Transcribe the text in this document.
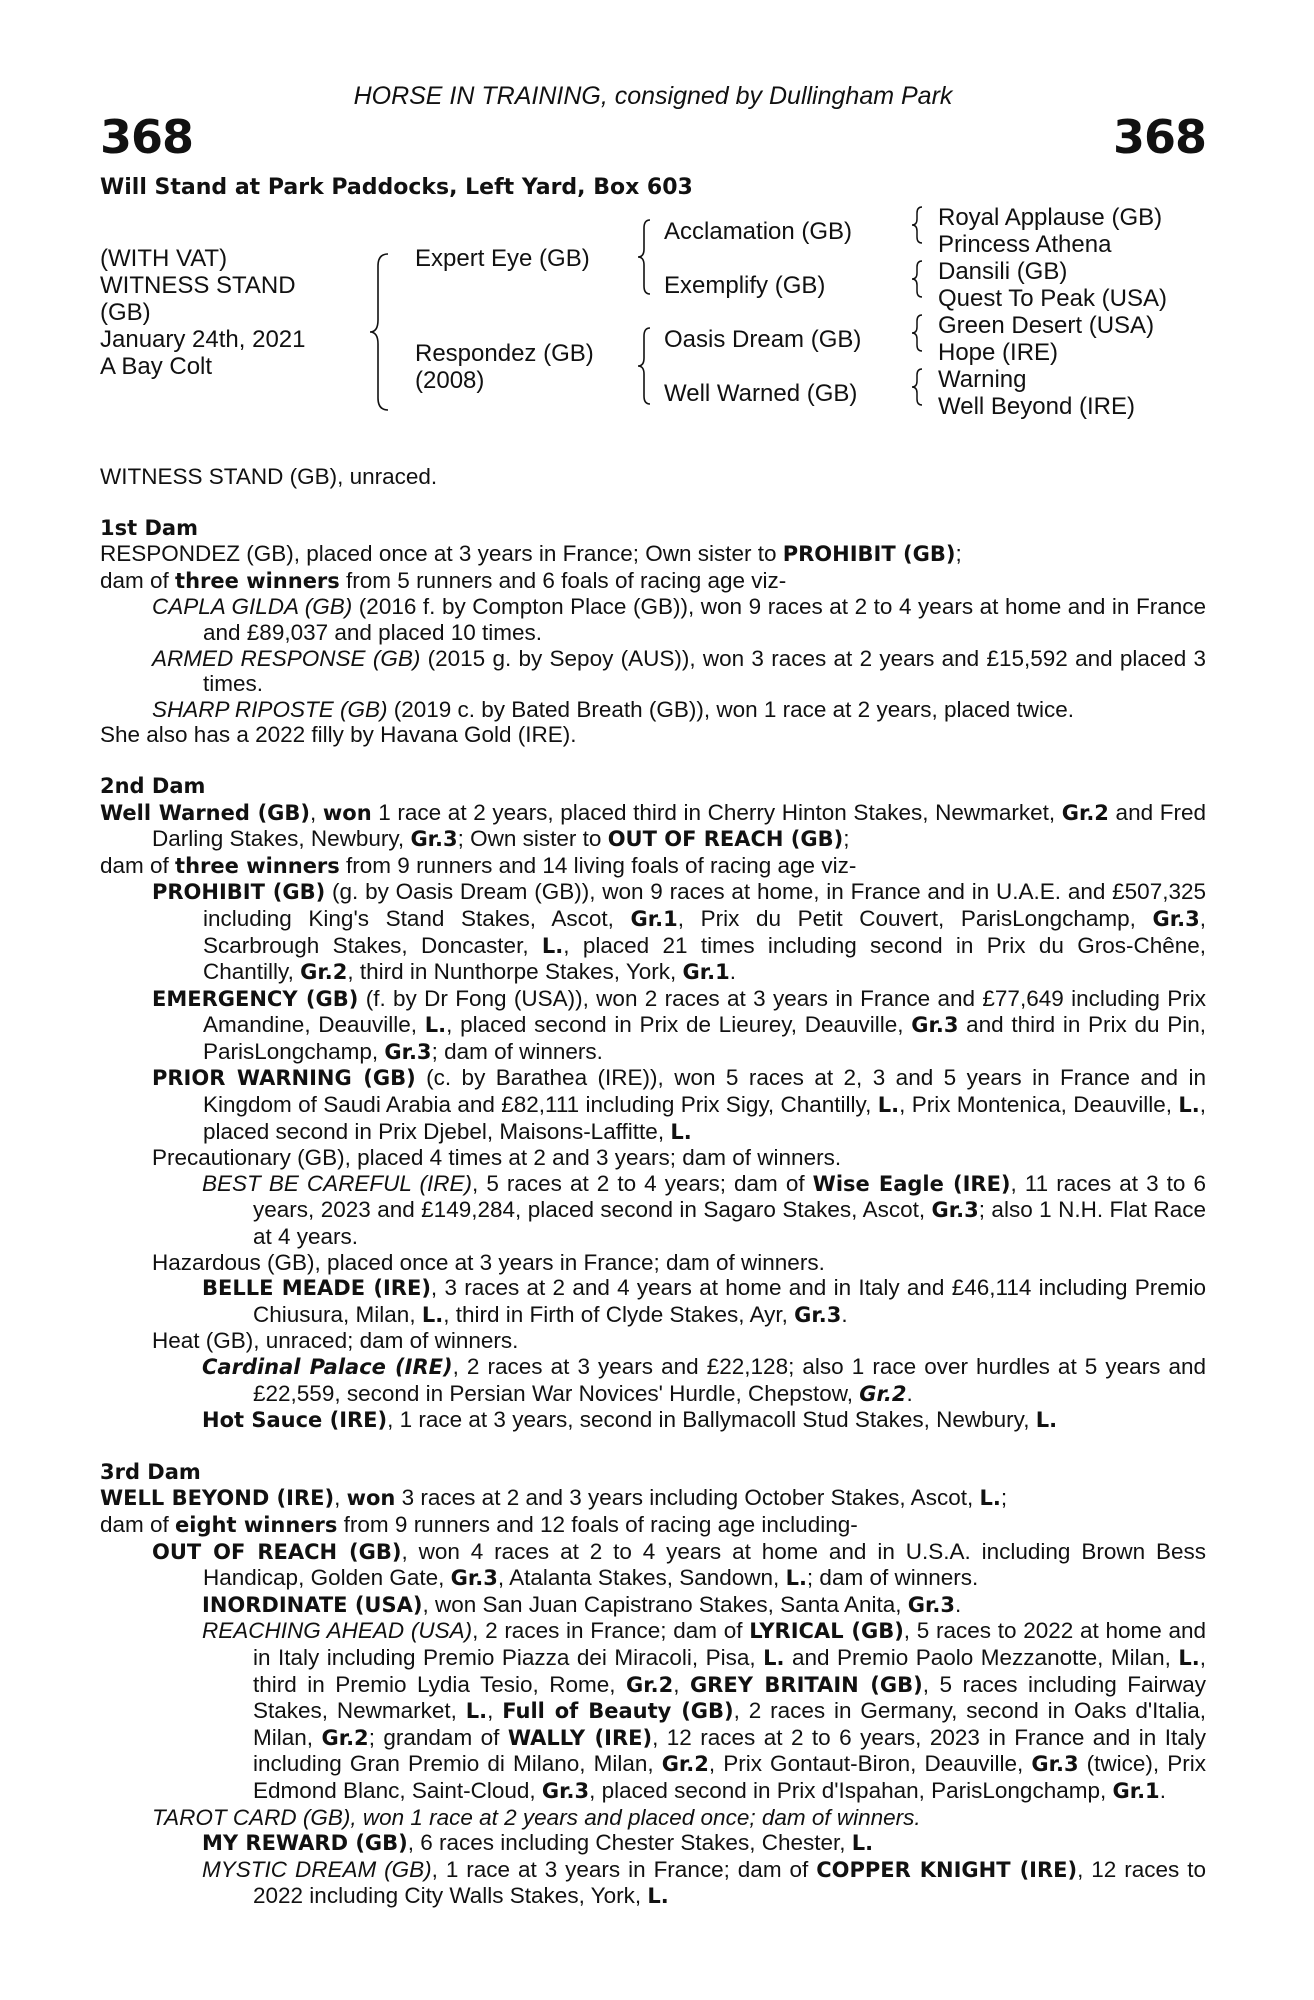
HORSE IN TRAINING, consigned by Dullingham Park
368	368
Will Stand at Park Paddocks, Left Yard, Box 603
(WITH VAT)
WITNESS STAND
(GB)
January 24th, 2021
A Bay Colt
Expert Eye (GB)
Respondez (GB)
(2008)
Acclamation (GB)
Exemplify (GB)
Oasis Dream (GB)
Well Warned (GB)
Royal Applause (GB)
Princess Athena
Dansili (GB)
Quest To Peak (USA)
Green Desert (USA)
Hope (IRE)
Warning
Well Beyond (IRE)

WITNESS STAND (GB), unraced.

1st Dam

RESPONDEZ (GB), placed once at 3 years in France; Own sister to PROHIBIT (GB);

dam of three winners from 5 runners and 6 foals of racing age viz-

CAPLA GILDA (GB) (2016 f. by Compton Place (GB)), won 9 races at 2 to 4 years at home and in France and £89,037 and placed 10 times.

ARMED RESPONSE (GB) (2015 g. by Sepoy (AUS)), won 3 races at 2 years and £15,592 and placed 3 times.

SHARP RIPOSTE (GB) (2019 c. by Bated Breath (GB)), won 1 race at 2 years, placed twice.

She also has a 2022 filly by Havana Gold (IRE).

2nd Dam

Well Warned (GB), won 1 race at 2 years, placed third in Cherry Hinton Stakes, Newmarket, Gr.2 and Fred Darling Stakes, Newbury, Gr.3; Own sister to OUT OF REACH (GB);

dam of three winners from 9 runners and 14 living foals of racing age viz-

PROHIBIT (GB) (g. by Oasis Dream (GB)), won 9 races at home, in France and in U.A.E. and £507,325 including King's Stand Stakes, Ascot, Gr.1, Prix du Petit Couvert, ParisLongchamp, Gr.3, Scarbrough Stakes, Doncaster, L., placed 21 times including second in Prix du Gros-Chêne, Chantilly, Gr.2, third in Nunthorpe Stakes, York, Gr.1.

EMERGENCY (GB) (f. by Dr Fong (USA)), won 2 races at 3 years in France and £77,649 including Prix Amandine, Deauville, L., placed second in Prix de Lieurey, Deauville, Gr.3 and third in Prix du Pin, ParisLongchamp, Gr.3; dam of winners.

PRIOR WARNING (GB) (c. by Barathea (IRE)), won 5 races at 2, 3 and 5 years in France and in Kingdom of Saudi Arabia and £82,111 including Prix Sigy, Chantilly, L., Prix Montenica, Deauville, L., placed second in Prix Djebel, Maisons-Laffitte, L.

Precautionary (GB), placed 4 times at 2 and 3 years; dam of winners.

BEST BE CAREFUL (IRE), 5 races at 2 to 4 years; dam of Wise Eagle (IRE), 11 races at 3 to 6 years, 2023 and £149,284, placed second in Sagaro Stakes, Ascot, Gr.3; also 1 N.H. Flat Race at 4 years.

Hazardous (GB), placed once at 3 years in France; dam of winners.

BELLE MEADE (IRE), 3 races at 2 and 4 years at home and in Italy and £46,114 including Premio Chiusura, Milan, L., third in Firth of Clyde Stakes, Ayr, Gr.3.

Heat (GB), unraced; dam of winners.

Cardinal Palace (IRE), 2 races at 3 years and £22,128; also 1 race over hurdles at 5 years and £22,559, second in Persian War Novices' Hurdle, Chepstow, Gr.2.

Hot Sauce (IRE), 1 race at 3 years, second in Ballymacoll Stud Stakes, Newbury, L.

3rd Dam

WELL BEYOND (IRE), won 3 races at 2 and 3 years including October Stakes, Ascot, L.;

dam of eight winners from 9 runners and 12 foals of racing age including-

OUT OF REACH (GB), won 4 races at 2 to 4 years at home and in U.S.A. including Brown Bess Handicap, Golden Gate, Gr.3, Atalanta Stakes, Sandown, L.; dam of winners.

INORDINATE (USA), won San Juan Capistrano Stakes, Santa Anita, Gr.3.

REACHING AHEAD (USA), 2 races in France; dam of LYRICAL (GB), 5 races to 2022 at home and in Italy including Premio Piazza dei Miracoli, Pisa, L. and Premio Paolo Mezzanotte, Milan, L., third in Premio Lydia Tesio, Rome, Gr.2, GREY BRITAIN (GB), 5 races including Fairway Stakes, Newmarket, L., Full of Beauty (GB), 2 races in Germany, second in Oaks d'Italia, Milan, Gr.2; grandam of WALLY (IRE), 12 races at 2 to 6 years, 2023 in France and in Italy including Gran Premio di Milano, Milan, Gr.2, Prix Gontaut-Biron, Deauville, Gr.3 (twice), Prix Edmond Blanc, Saint-Cloud, Gr.3, placed second in Prix d'Ispahan, ParisLongchamp, Gr.1.

TAROT CARD (GB), won 1 race at 2 years and placed once; dam of winners.

MY REWARD (GB), 6 races including Chester Stakes, Chester, L.

MYSTIC DREAM (GB), 1 race at 3 years in France; dam of COPPER KNIGHT (IRE), 12 races to 2022 including City Walls Stakes, York, L.
